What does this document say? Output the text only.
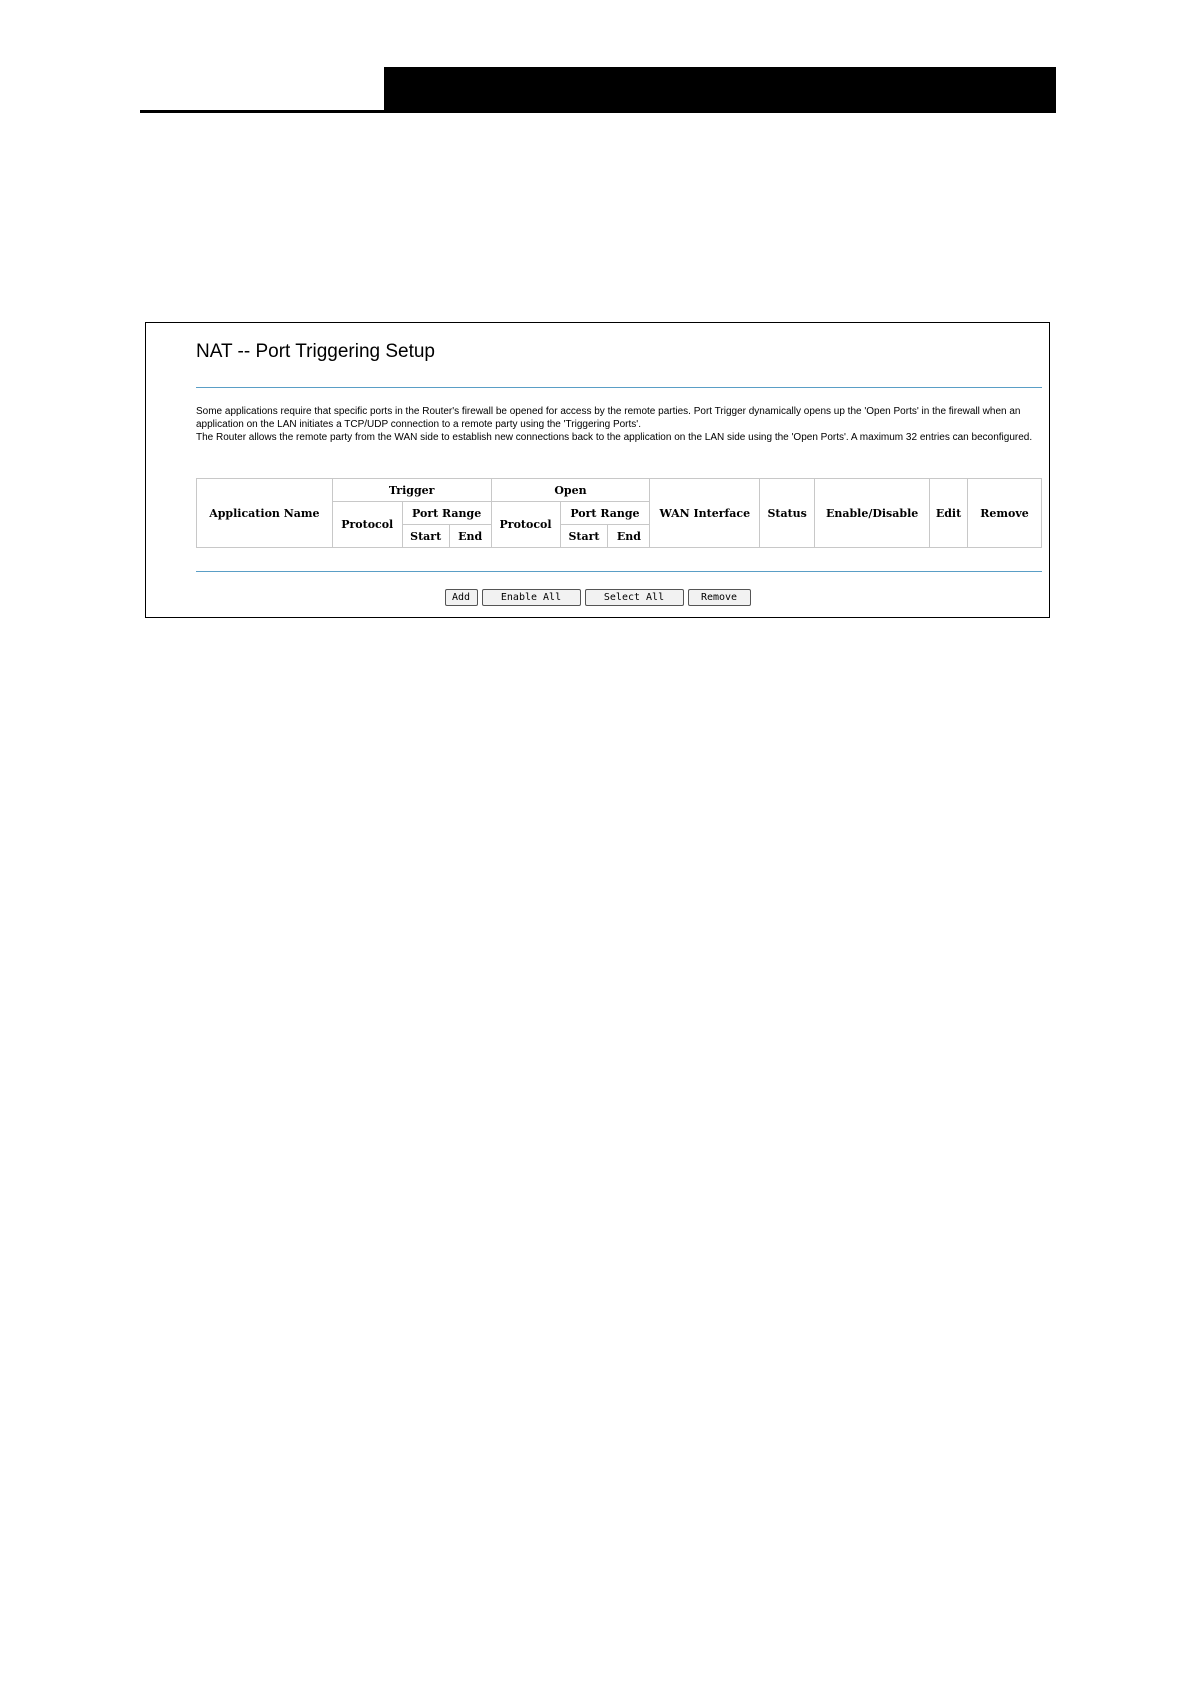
NAT -- Port Triggering Setup

Some applications require that specific ports in the Router's firewall be opened for access by the remote parties. Port Trigger dynamically opens up the 'Open Ports' in the firewall when an application on the LAN initiates a TCP/UDP connection to a remote party using the 'Triggering Ports'.

The Router allows the remote party from the WAN side to establish new connections back to the application on the LAN side using the 'Open Ports'. A maximum 32 entries can beconfigured.

Application Name	Trigger			Open			WAN Interface	Status	Enable/Disable	Edit	Remove
	Protocol	Port Range		Protocol	Port Range						
		Start	End		Start	End					
Add	Enable All	Select All	Remove
